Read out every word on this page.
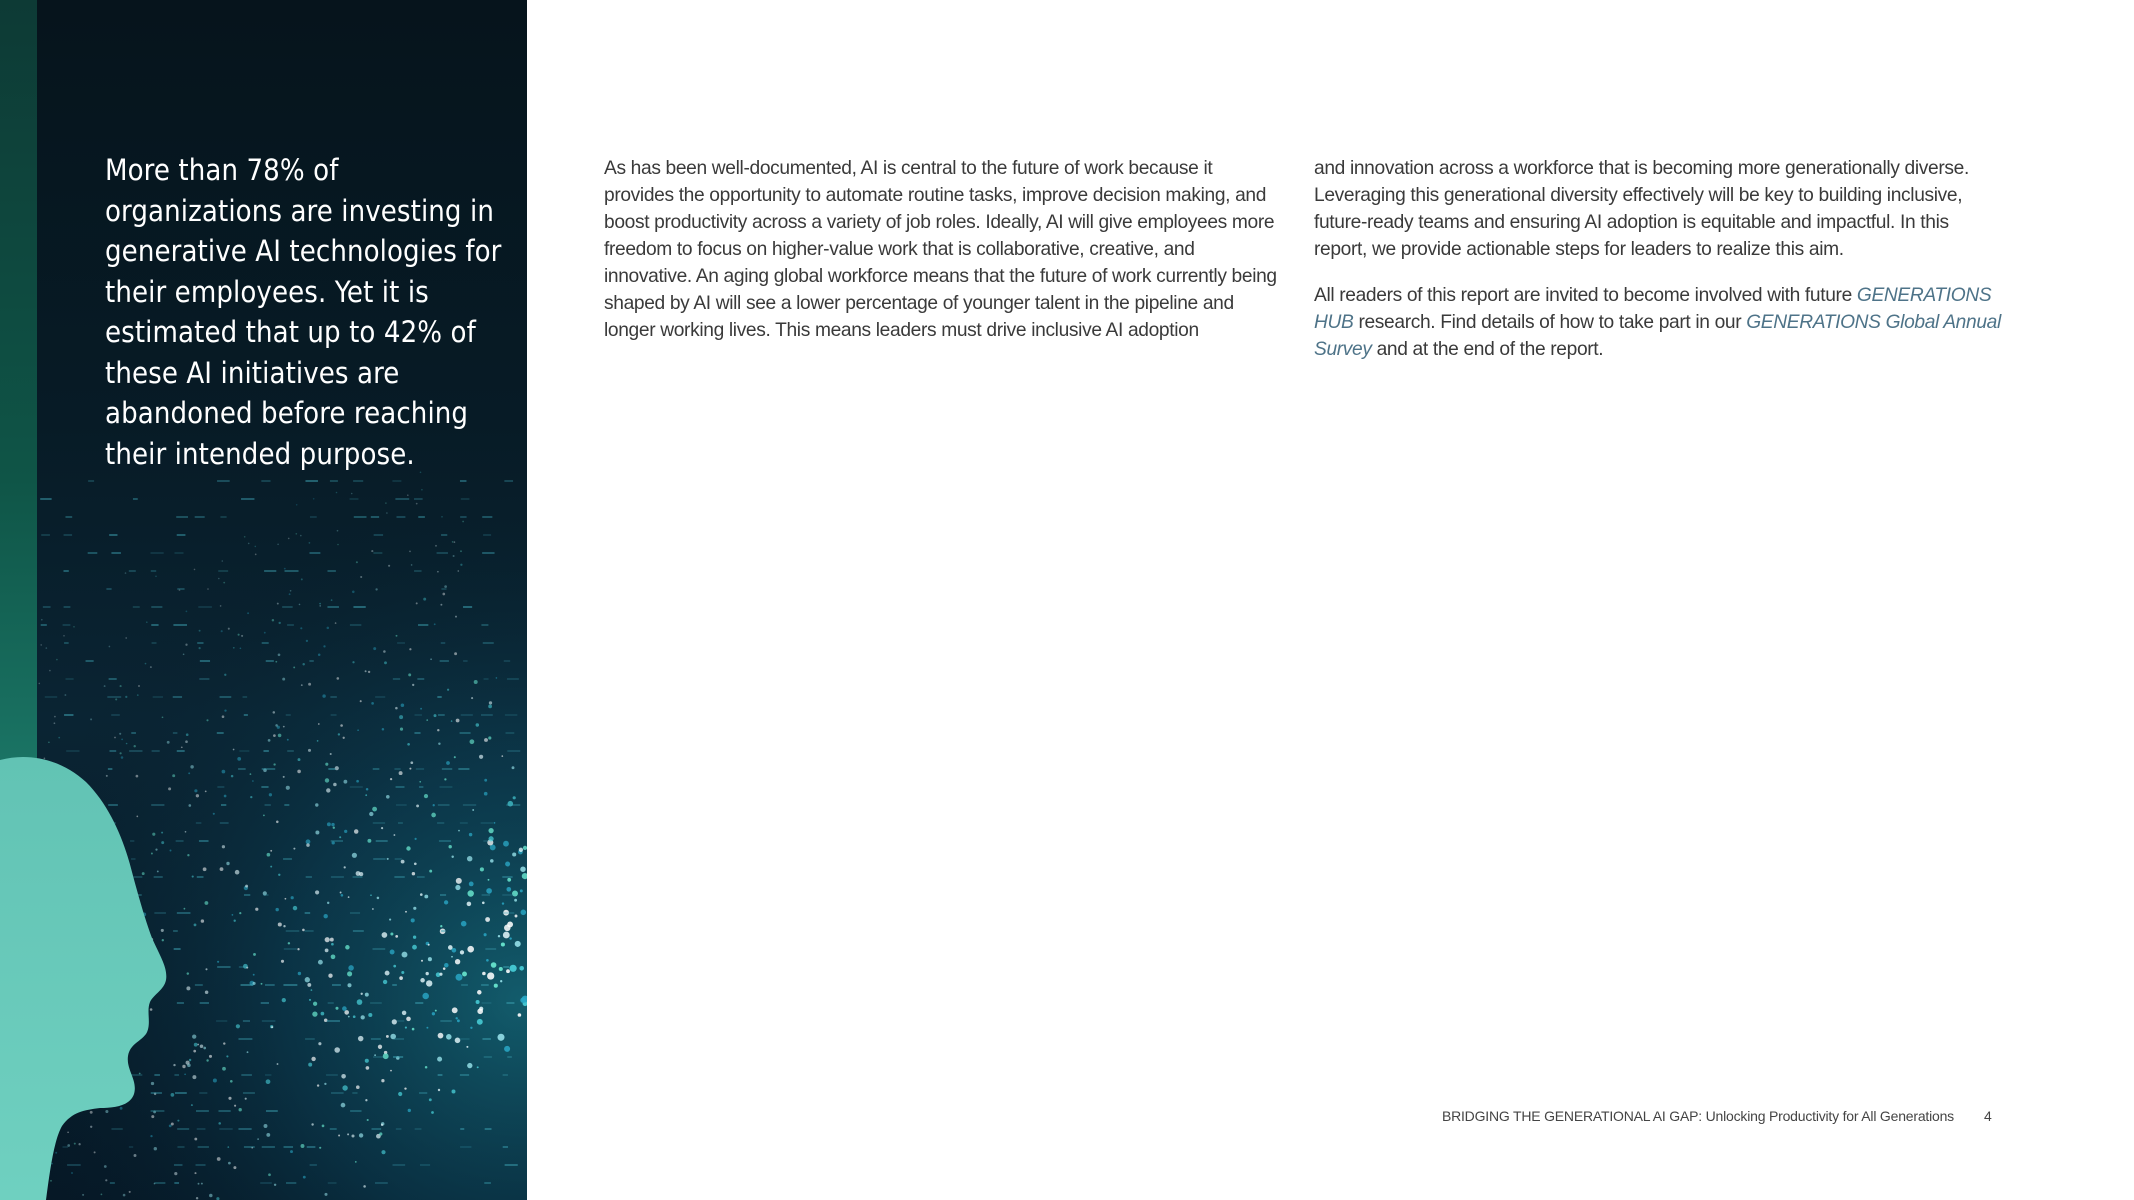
More than 78% of organizations are investing in generative AI technologies for their employees. Yet it is estimated that up to 42% of these AI initiatives are abandoned before reaching their intended purpose.

As has been well-documented, AI is central to the future of work because it provides the opportunity to automate routine tasks, improve decision making, and boost productivity across a variety of job roles. Ideally, AI will give employees more freedom to focus on higher-value work that is collaborative, creative, and innovative. An aging global workforce means that the future of work currently being shaped by AI will see a lower percentage of younger talent in the pipeline and longer working lives. This means leaders must drive inclusive AI adoption

and innovation across a workforce that is becoming more generationally diverse. Leveraging this generational diversity effectively will be key to building inclusive, future-ready teams and ensuring AI adoption is equitable and impactful. In this report, we provide actionable steps for leaders to realize this aim.

All readers of this report are invited to become involved with future GENERATIONS HUB research. Find details of how to take part in our GENERATIONS Global Annual Survey and at the end of the report.

BRIDGING THE GENERATIONAL AI GAP: Unlocking Productivity for All Generations 4
